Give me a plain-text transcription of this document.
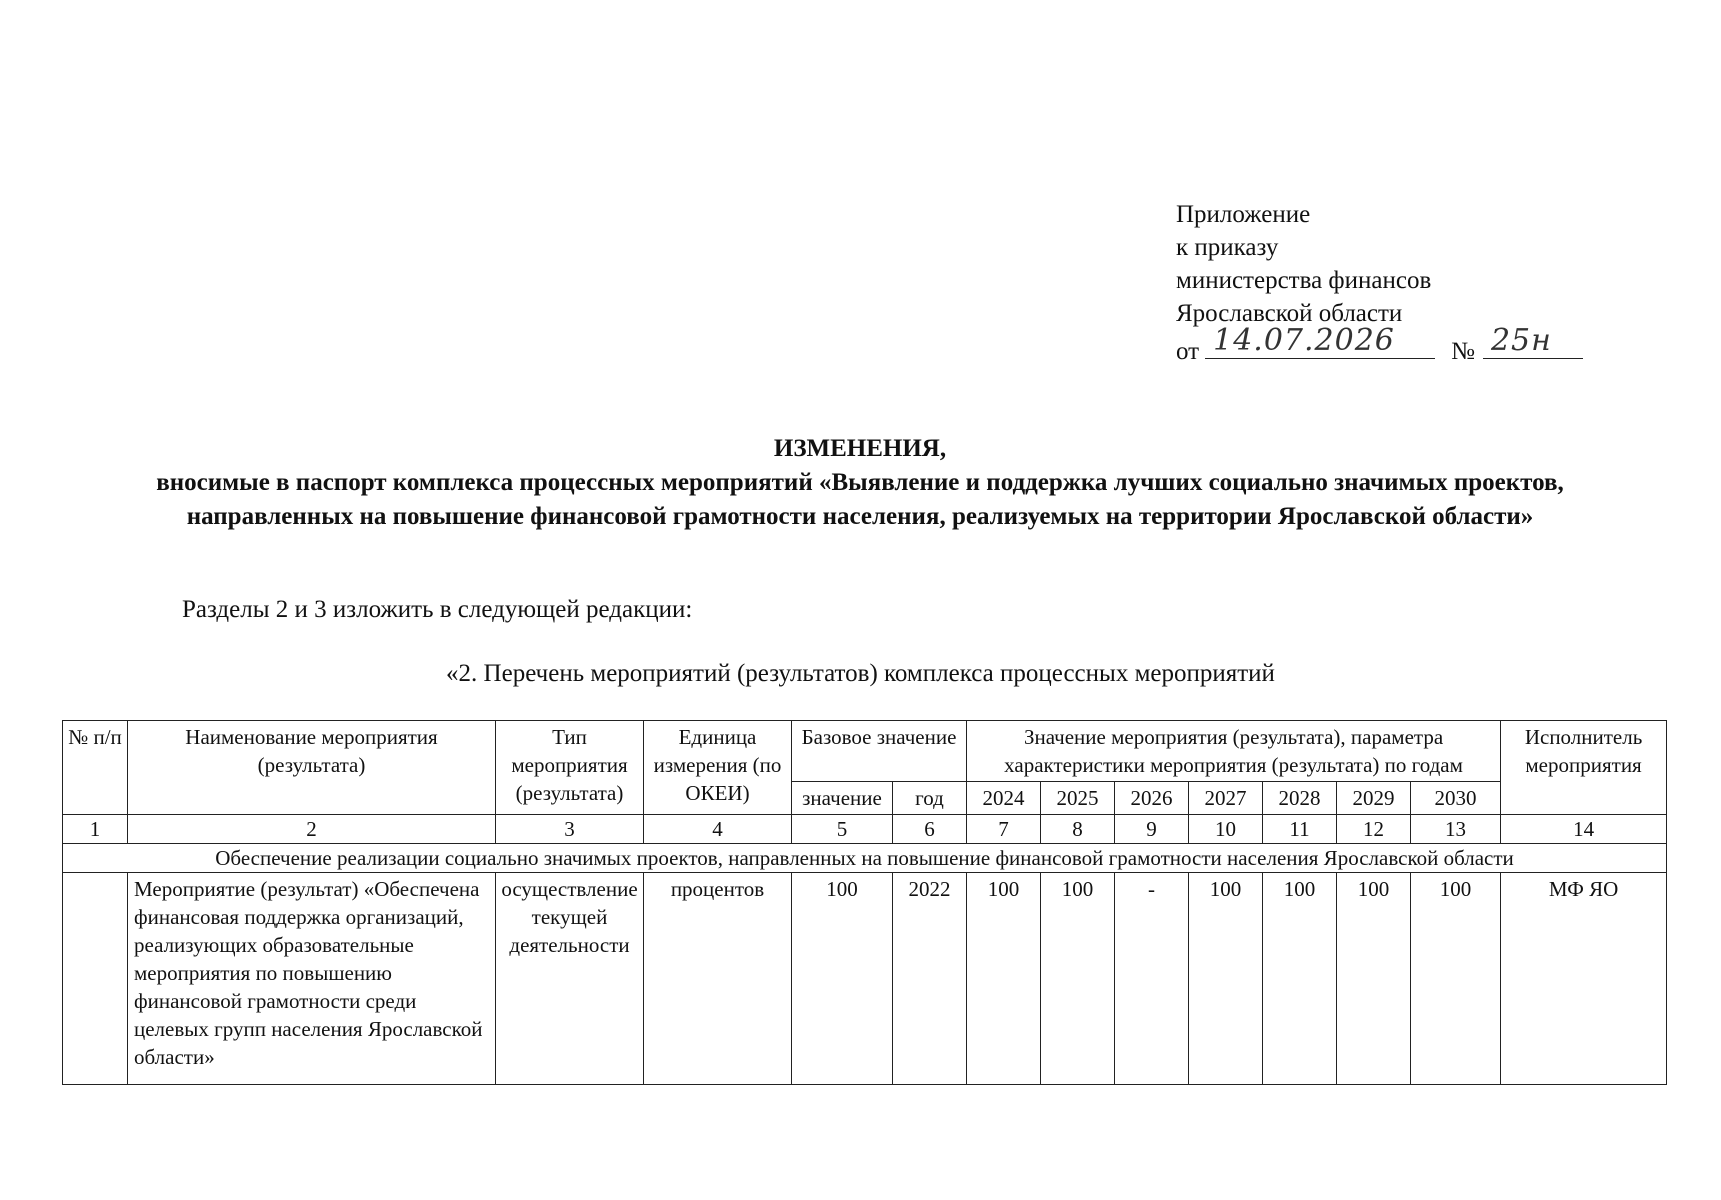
Приложение
к приказу
министерства финансов
Ярославской области
от 14.07.2026 № 25н
ИЗМЕНЕНИЯ,
вносимые в паспорт комплекса процессных мероприятий «Выявление и поддержка лучших социально значимых проектов, направленных на повышение финансовой грамотности населения, реализуемых на территории Ярославской области»
Разделы 2 и 3 изложить в следующей редакции:
«2. Перечень мероприятий (результатов) комплекса процессных мероприятий
№ п/п	Наименование мероприятия (результата)	Тип мероприятия (результата)	Единица измерения (по ОКЕИ)	Базовое значение		Значение мероприятия (результата), параметра характеристики мероприятия (результата) по годам							Исполнитель мероприятия
				значение	год	2024	2025	2026	2027	2028	2029	2030	
1	2	3	4	5	6	7	8	9	10	11	12	13	14
Обеспечение реализации социально значимых проектов, направленных на повышение финансовой грамотности населения Ярославской области													
	Мероприятие (результат) «Обеспечена финансовая поддержка организаций, реализующих образовательные мероприятия по повышению финансовой грамотности среди целевых групп населения Ярославской области»	осуществление текущей деятельности	процентов	100	2022	100	100	-	100	100	100	100	МФ ЯО
